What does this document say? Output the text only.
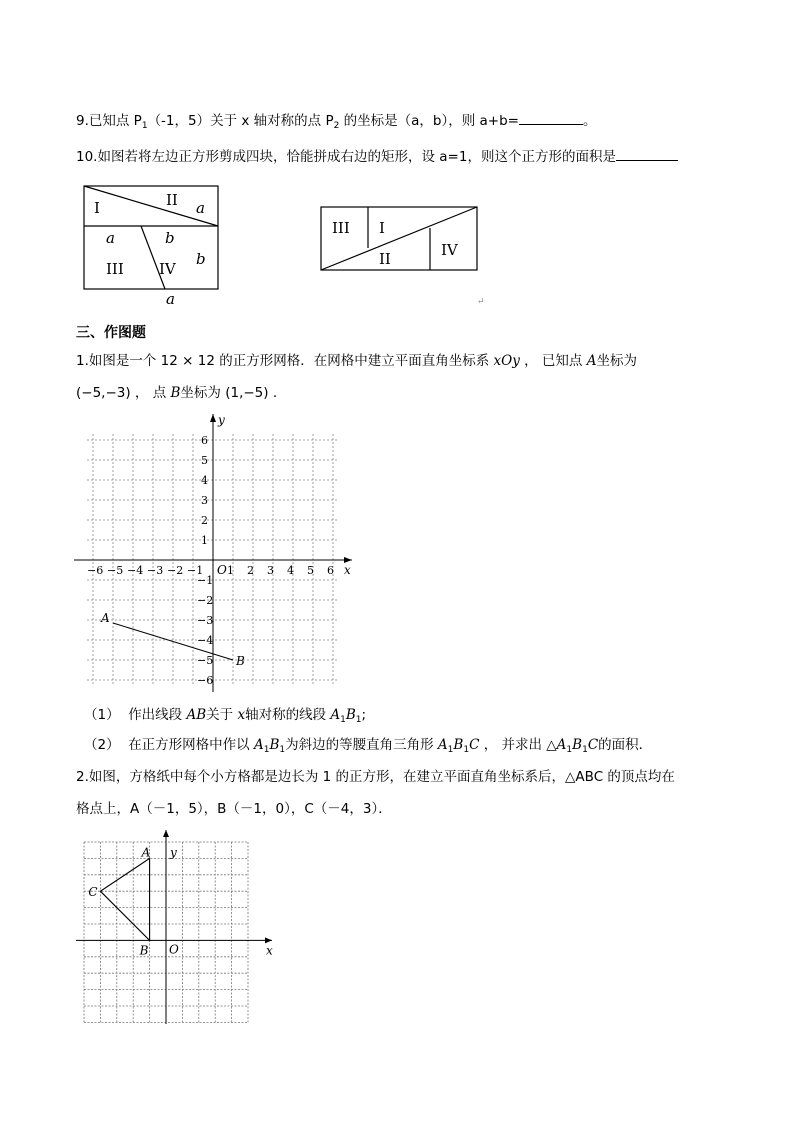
9.已知点 $P_1(-1$，5）关于 x 轴对称的点 $P_2$ 的坐标是（a，b），则 a+b=	。
10.如图若将左边正方形剪成四块，恰能拼成右边的矩形，设 a=1，则这个正方形的面积是
I	II
III IV
a
b
a	b
a
III I
II	IV
↵
三、作图题
1.如图是一个 12 × 12 的正方形网格．在网格中建立平面直角坐标系 xOy ， 已知点 A坐标为
(−5,−3) ， 点 B坐标为 (1,−5) .
−6 −5 −4 −3 −2 −1 1 2 3 4 5 6
6
5
4
3
2
1
−1
−2
−3
−4
−5
−6
A
B
O	x
y
（1） 作出线段 AB关于 x轴对称的线段 $A_1B_1$;
（2） 在正方形网格中作以 $A_1B_1$为斜边的等腰直角三角形 $A_1B_1C$ ， 并求出 $\triangle A_1B_1C$的面积．
2.如图，方格纸中每个小方格都是边长为 1 的正方形，在建立平面直角坐标系后，△ABC 的顶点均在
格点上，A（－1，5），B（－1，0），C（－4，3）．
A y
C
B O	x
